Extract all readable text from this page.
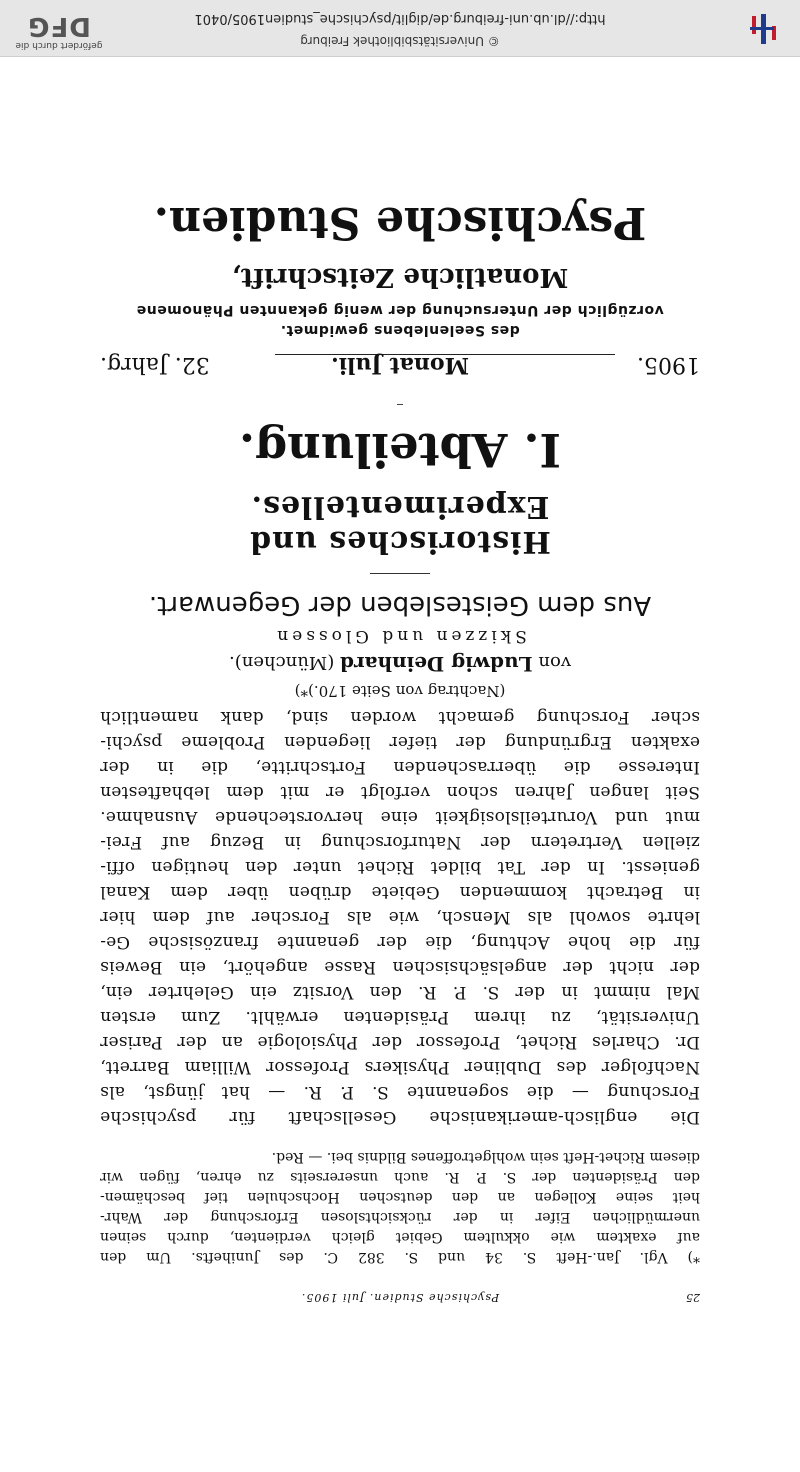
© Universitätsbibliothek Freiburg
http://dl.ub.uni-freiburg.de/diglit/psychische_studien1905/0401
gefördert durch die
DFG
25
Psychische Studien. Juli 1905.
*) Vgl. Jan.-Heft S. 34 und S. 382 C. des Junihefts. Um den
auf exaktem wie okkultem Gebiet gleich verdienten, durch seinen
unermüdlichen Eifer in der rücksichtslosen Erforschung der Wahr-
heit seine Kollegen an den deutschen Hochschulen tief beschämen-
den Präsidenten der S. P. R. auch unsererseits zu ehren, fügen wir
diesem Richet-Heft sein wohlgetroffenes Bildnis bei. — Red.
Die englisch-amerikanische Gesellschaft für psychische
Forschung — die sogenannte S. P. R. — hat jüngst, als
Nachfolger des Dubliner Physikers Professor William Barrett,
Dr. Charles Richet, Professor der Physiologie an der Pariser
Universität, zu ihrem Präsidenten erwählt. Zum ersten
Mal nimmt in der S. P. R. den Vorsitz ein Gelehrter ein,
der nicht der angelsächsischen Rasse angehört, ein Beweis
für die hohe Achtung, die der genannte französische Ge-
lehrte sowohl als Mensch, wie als Forscher auf dem hier
in Betracht kommenden Gebiete drüben über dem Kanal
geniesst. In der Tat bildet Richet unter den heutigen offi-
ziellen Vertretern der Naturforschung in Bezug auf Frei-
mut und Vorurteilslosigkeit eine hervorstechende Ausnahme.
Seit langen Jahren schon verfolgt er mit dem lebhaftesten
Interesse die überraschenden Fortschritte, die in der
exakten Ergründung der tiefer liegenden Probleme psychi-
scher Forschung gemacht worden sind, dank namentlich
(Nachtrag von Seite 170.)*)
von Ludwig Deinhard (München).
Skizzen und Glossen
Aus dem Geistesleben der Gegenwart.
Historisches und Experimentelles.
I. Abteilung.
1905.
Monat Juli.
32. Jahrg.
des Seelenlebens gewidmet.
vorzüglich der Untersuchung der wenig gekannten Phänomene
Monatliche Zeitschrift,
Psychische Studien.
